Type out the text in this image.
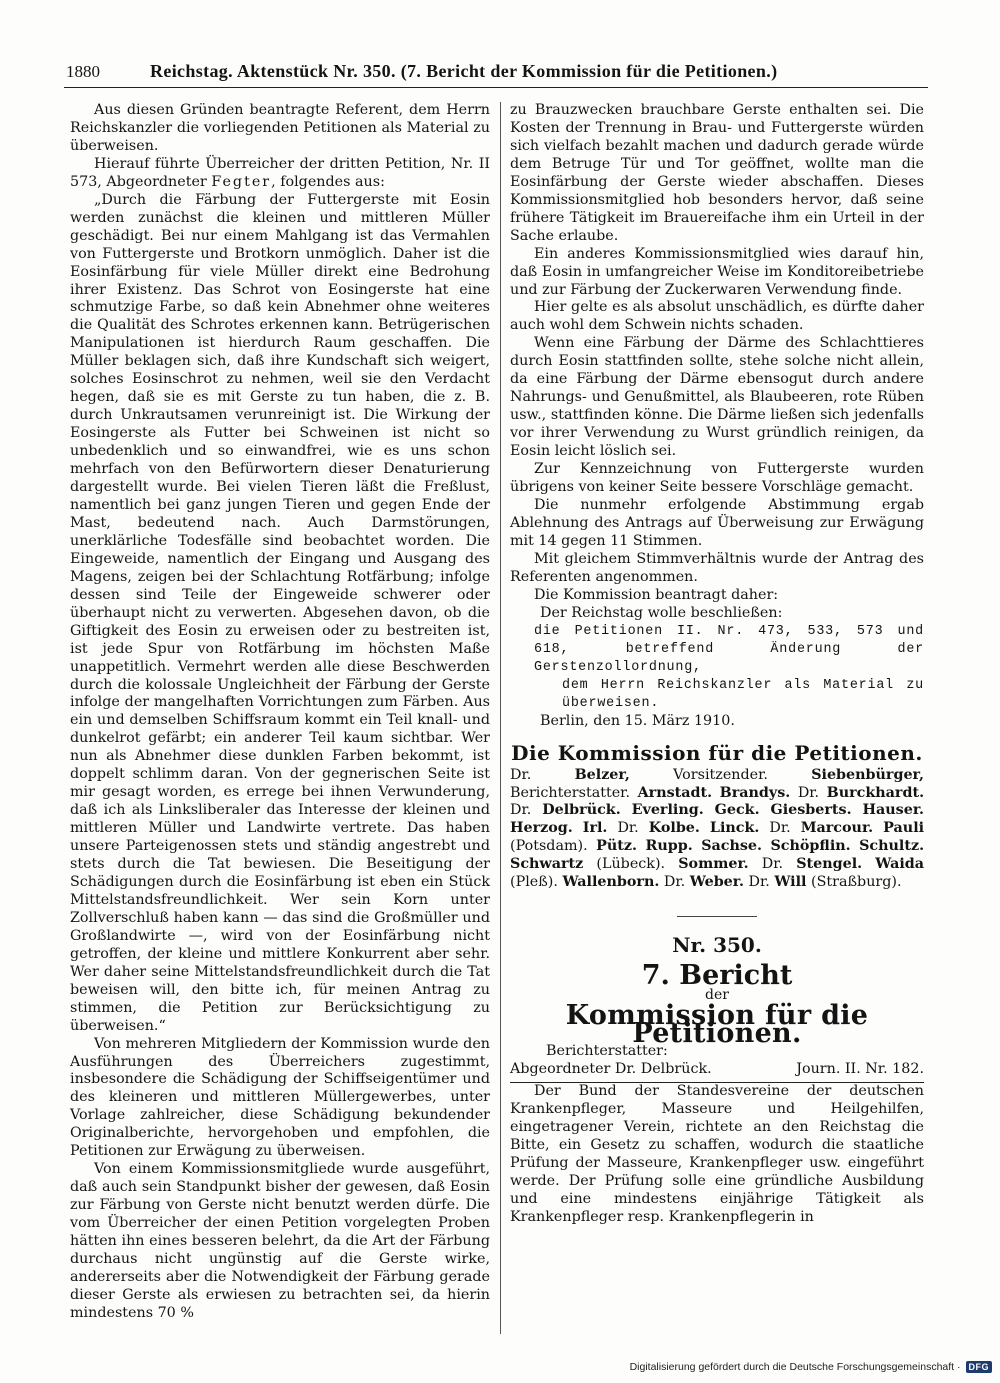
1880	Reichstag. Aktenstück Nr. 350. (7. Bericht der Kommission für die Petitionen.)

Aus diesen Gründen beantragte Referent, dem Herrn Reichskanzler die vorliegenden Petitionen als Material zu überweisen.

Hierauf führte Überreicher der dritten Petition, Nr. II 573, Abgeordneter Fegter, folgendes aus:

„Durch die Färbung der Futtergerste mit Eosin werden zunächst die kleinen und mittleren Müller geschädigt. Bei nur einem Mahlgang ist das Vermahlen von Futtergerste und Brotkorn unmöglich. Daher ist die Eosinfärbung für viele Müller direkt eine Bedrohung ihrer Existenz. Das Schrot von Eosingerste hat eine schmutzige Farbe, so daß kein Abnehmer ohne weiteres die Qualität des Schrotes erkennen kann. Betrügerischen Manipulationen ist hierdurch Raum geschaffen. Die Müller beklagen sich, daß ihre Kundschaft sich weigert, solches Eosinschrot zu nehmen, weil sie den Verdacht hegen, daß sie es mit Gerste zu tun haben, die z. B. durch Unkrautsamen verunreinigt ist. Die Wirkung der Eosingerste als Futter bei Schweinen ist nicht so unbedenklich und so einwandfrei, wie es uns schon mehrfach von den Befürwortern dieser Denaturierung dargestellt wurde. Bei vielen Tieren läßt die Freßlust, namentlich bei ganz jungen Tieren und gegen Ende der Mast, bedeutend nach. Auch Darmstörungen, unerklärliche Todesfälle sind beobachtet worden. Die Eingeweide, namentlich der Eingang und Ausgang des Magens, zeigen bei der Schlachtung Rotfärbung; infolge dessen sind Teile der Eingeweide schwerer oder überhaupt nicht zu verwerten. Abgesehen davon, ob die Giftigkeit des Eosin zu erweisen oder zu bestreiten ist, ist jede Spur von Rotfärbung im höchsten Maße unappetitlich. Vermehrt werden alle diese Beschwerden durch die kolossale Ungleichheit der Färbung der Gerste infolge der mangelhaften Vorrichtungen zum Färben. Aus ein und demselben Schiffsraum kommt ein Teil knall- und dunkelrot gefärbt; ein anderer Teil kaum sichtbar. Wer nun als Abnehmer diese dunklen Farben bekommt, ist doppelt schlimm daran. Von der gegnerischen Seite ist mir gesagt worden, es errege bei ihnen Verwunderung, daß ich als Linksliberaler das Interesse der kleinen und mittleren Müller und Landwirte vertrete. Das haben unsere Parteigenossen stets und ständig angestrebt und stets durch die Tat bewiesen. Die Beseitigung der Schädigungen durch die Eosinfärbung ist eben ein Stück Mittelstandsfreundlichkeit. Wer sein Korn unter Zollverschluß haben kann — das sind die Großmüller und Großlandwirte —, wird von der Eosinfärbung nicht getroffen, der kleine und mittlere Konkurrent aber sehr. Wer daher seine Mittelstandsfreundlichkeit durch die Tat beweisen will, den bitte ich, für meinen Antrag zu stimmen, die Petition zur Berücksichtigung zu überweisen.“

Von mehreren Mitgliedern der Kommission wurde den Ausführungen des Überreichers zugestimmt, insbesondere die Schädigung der Schiffseigentümer und des kleineren und mittleren Müllergewerbes, unter Vorlage zahlreicher, diese Schädigung bekundender Originalberichte, hervorgehoben und empfohlen, die Petitionen zur Erwägung zu überweisen.

Von einem Kommissionsmitgliede wurde ausgeführt, daß auch sein Standpunkt bisher der gewesen, daß Eosin zur Färbung von Gerste nicht benutzt werden dürfe. Die vom Überreicher der einen Petition vorgelegten Proben hätten ihn eines besseren belehrt, da die Art der Färbung durchaus nicht ungünstig auf die Gerste wirke, andererseits aber die Notwendigkeit der Färbung gerade dieser Gerste als erwiesen zu betrachten sei, da hierin mindestens 70 %

zu Brauzwecken brauchbare Gerste enthalten sei. Die Kosten der Trennung in Brau- und Futtergerste würden sich vielfach bezahlt machen und dadurch gerade würde dem Betruge Tür und Tor geöffnet, wollte man die Eosinfärbung der Gerste wieder abschaffen. Dieses Kommissionsmitglied hob besonders hervor, daß seine frühere Tätigkeit im Brauereifache ihm ein Urteil in der Sache erlaube.

Ein anderes Kommissionsmitglied wies darauf hin, daß Eosin in umfangreicher Weise im Konditoreibetriebe und zur Färbung der Zuckerwaren Verwendung finde.

Hier gelte es als absolut unschädlich, es dürfte daher auch wohl dem Schwein nichts schaden.

Wenn eine Färbung der Därme des Schlachttieres durch Eosin stattfinden sollte, stehe solche nicht allein, da eine Färbung der Därme ebensogut durch andere Nahrungs- und Genußmittel, als Blaubeeren, rote Rüben usw., stattfinden könne. Die Därme ließen sich jedenfalls vor ihrer Verwendung zu Wurst gründlich reinigen, da Eosin leicht löslich sei.

Zur Kennzeichnung von Futtergerste wurden übrigens von keiner Seite bessere Vorschläge gemacht.

Die nunmehr erfolgende Abstimmung ergab Ablehnung des Antrags auf Überweisung zur Erwägung mit 14 gegen 11 Stimmen.

Mit gleichem Stimmverhältnis wurde der Antrag des Referenten angenommen.

Die Kommission beantragt daher:

Der Reichstag wolle beschließen:

die Petitionen II. Nr. 473, 533, 573 und 618, betreffend Änderung der Gerstenzollordnung,

dem Herrn Reichskanzler als Material zu überweisen.

Berlin, den 15. März 1910.

Die Kommission für die Petitionen.

Dr.	Belzer,	Vorsitzender.	Siebenbürger, Berichterstatter. Arnstadt. Brandys. Dr. Burckhardt. Dr. Delbrück. Everling. Geck. Giesberts. Hauser. Herzog. Irl. Dr. Kolbe. Linck. Dr. Marcour. Pauli (Potsdam). Pütz. Rupp. Sachse. Schöpflin. Schultz. Schwartz (Lübeck). Sommer. Dr. Stengel. Waida (Pleß). Wallenborn. Dr. Weber. Dr. Will (Straßburg).

Nr. 350.
7. Bericht
der
Kommission für die Petitionen.

Berichterstatter:

Abgeordneter Dr. Delbrück.	Journ. II. Nr. 182.

Der Bund der Standesvereine der deutschen Krankenpfleger, Masseure und Heilgehilfen, eingetragener Verein, richtete an den Reichstag die Bitte, ein Gesetz zu schaffen, wodurch die staatliche Prüfung der Masseure, Krankenpfleger usw. eingeführt werde. Der Prüfung solle eine gründliche Ausbildung und eine mindestens einjährige Tätigkeit als Krankenpfleger resp. Krankenpflegerin in

Digitalisierung gefördert durch die Deutsche Forschungsgemeinschaft · DFG
